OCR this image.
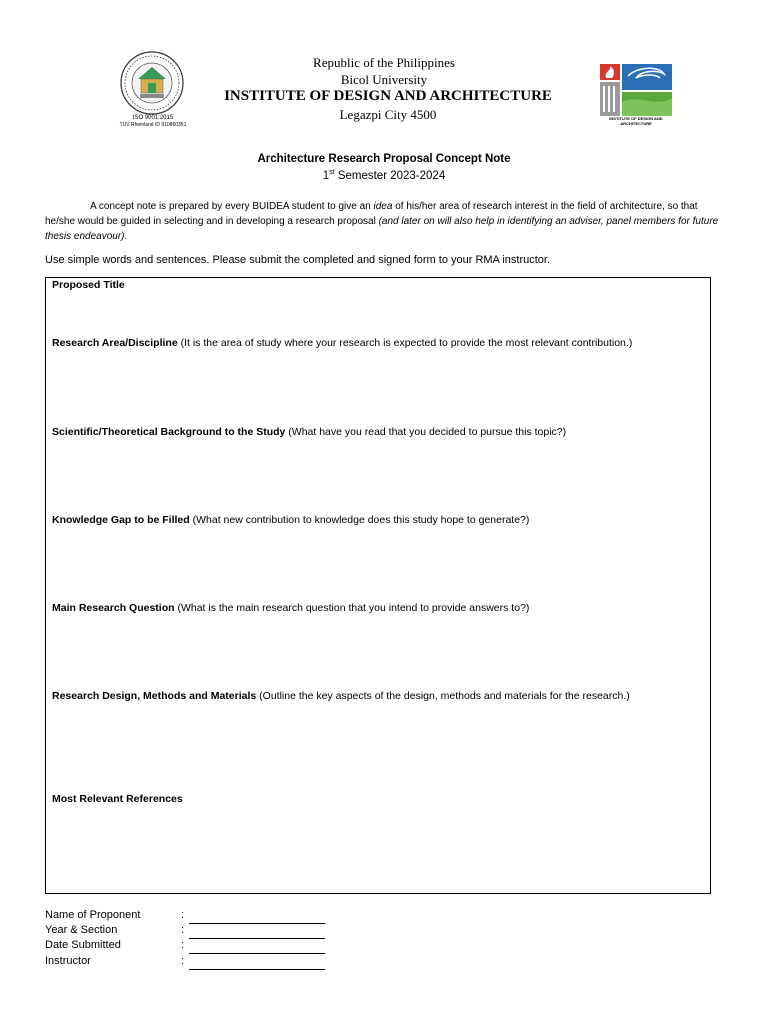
Republic of the Philippines
Bicol University
INSTITUTE OF DESIGN AND ARCHITECTURE
Legazpi City 4500
ISO 9001:2015
TUV Rheinland ID 910860351
INSTITUTE OF DESIGN AND ARCHITECTURE
Architecture Research Proposal Concept Note
1st Semester 2023-2024
A concept note is prepared by every BUIDEA student to give an idea of his/her area of research interest in the field of architecture, so that he/she would be guided in selecting and in developing a research proposal (and later on will also help in identifying an adviser, panel members for future thesis endeavour).
Use simple words and sentences. Please submit the completed and signed form to your RMA instructor.
Proposed Title
Research Area/Discipline (It is the area of study where your research is expected to provide the most relevant contribution.)
Scientific/Theoretical Background to the Study (What have you read that you decided to pursue this topic?)
Knowledge Gap to be Filled (What new contribution to knowledge does this study hope to generate?)
Main Research Question (What is the main research question that you intend to provide answers to?)
Research Design, Methods and Materials (Outline the key aspects of the design, methods and materials for the research.)
Most Relevant References
Name of Proponent	:
Year & Section	:
Date Submitted	:
Instructor	:
